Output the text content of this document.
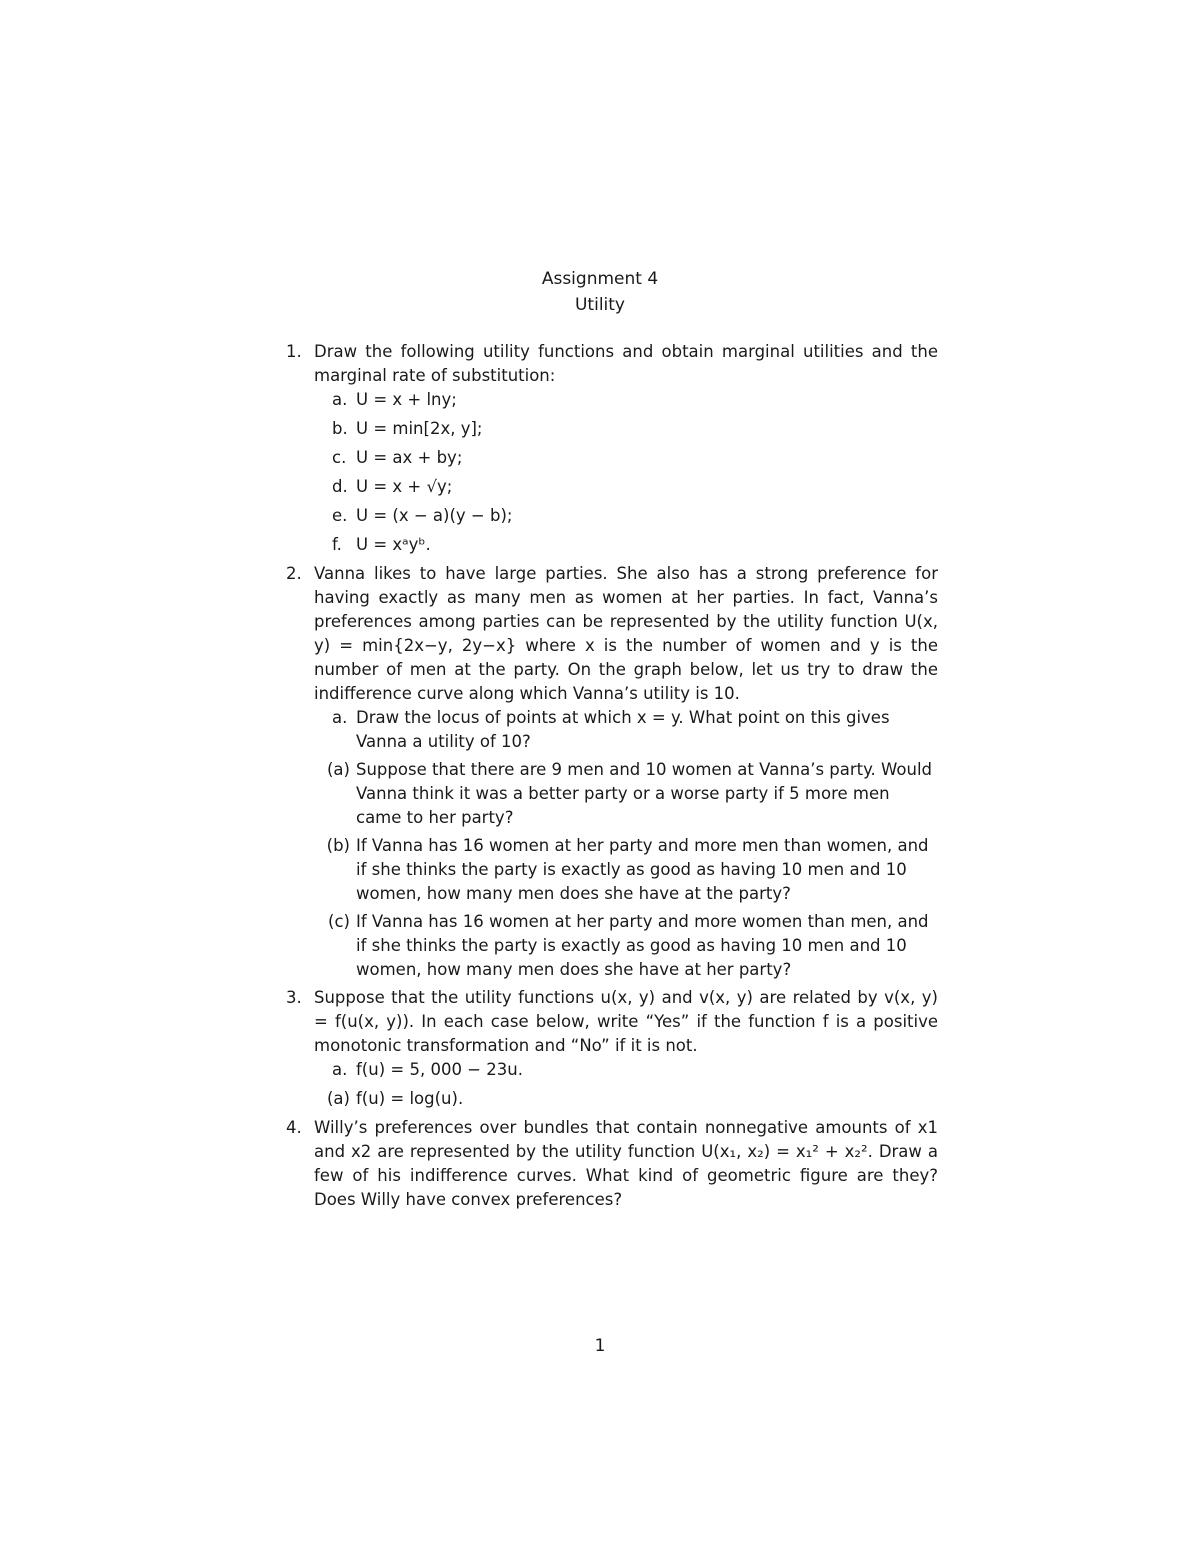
Assignment 4
Utility
1. Draw the following utility functions and obtain marginal utilities and the marginal rate of substitution:
a. U = x + lny;
b. U = min[2x, y];
c. U = ax + by;
d. U = x + √y;
e. U = (x − a)(y − b);
f. U = xᵃyᵇ.
2. Vanna likes to have large parties. She also has a strong preference for having exactly as many men as women at her parties. In fact, Vanna’s preferences among parties can be represented by the utility function U(x, y) = min{2x−y, 2y−x} where x is the number of women and y is the number of men at the party. On the graph below, let us try to draw the indifference curve along which Vanna’s utility is 10.
a. Draw the locus of points at which x = y. What point on this gives Vanna a utility of 10?
(a) Suppose that there are 9 men and 10 women at Vanna’s party. Would Vanna think it was a better party or a worse party if 5 more men came to her party?
(b) If Vanna has 16 women at her party and more men than women, and if she thinks the party is exactly as good as having 10 men and 10 women, how many men does she have at the party?
(c) If Vanna has 16 women at her party and more women than men, and if she thinks the party is exactly as good as having 10 men and 10 women, how many men does she have at her party?
3. Suppose that the utility functions u(x, y) and v(x, y) are related by v(x, y) = f(u(x, y)). In each case below, write “Yes” if the function f is a positive monotonic transformation and “No” if it is not.
a. f(u) = 5, 000 − 23u.
(a) f(u) = log(u).
4. Willy’s preferences over bundles that contain nonnegative amounts of x1 and x2 are represented by the utility function U(x₁, x₂) = x₁² + x₂². Draw a few of his indifference curves. What kind of geometric figure are they? Does Willy have convex preferences?
1
